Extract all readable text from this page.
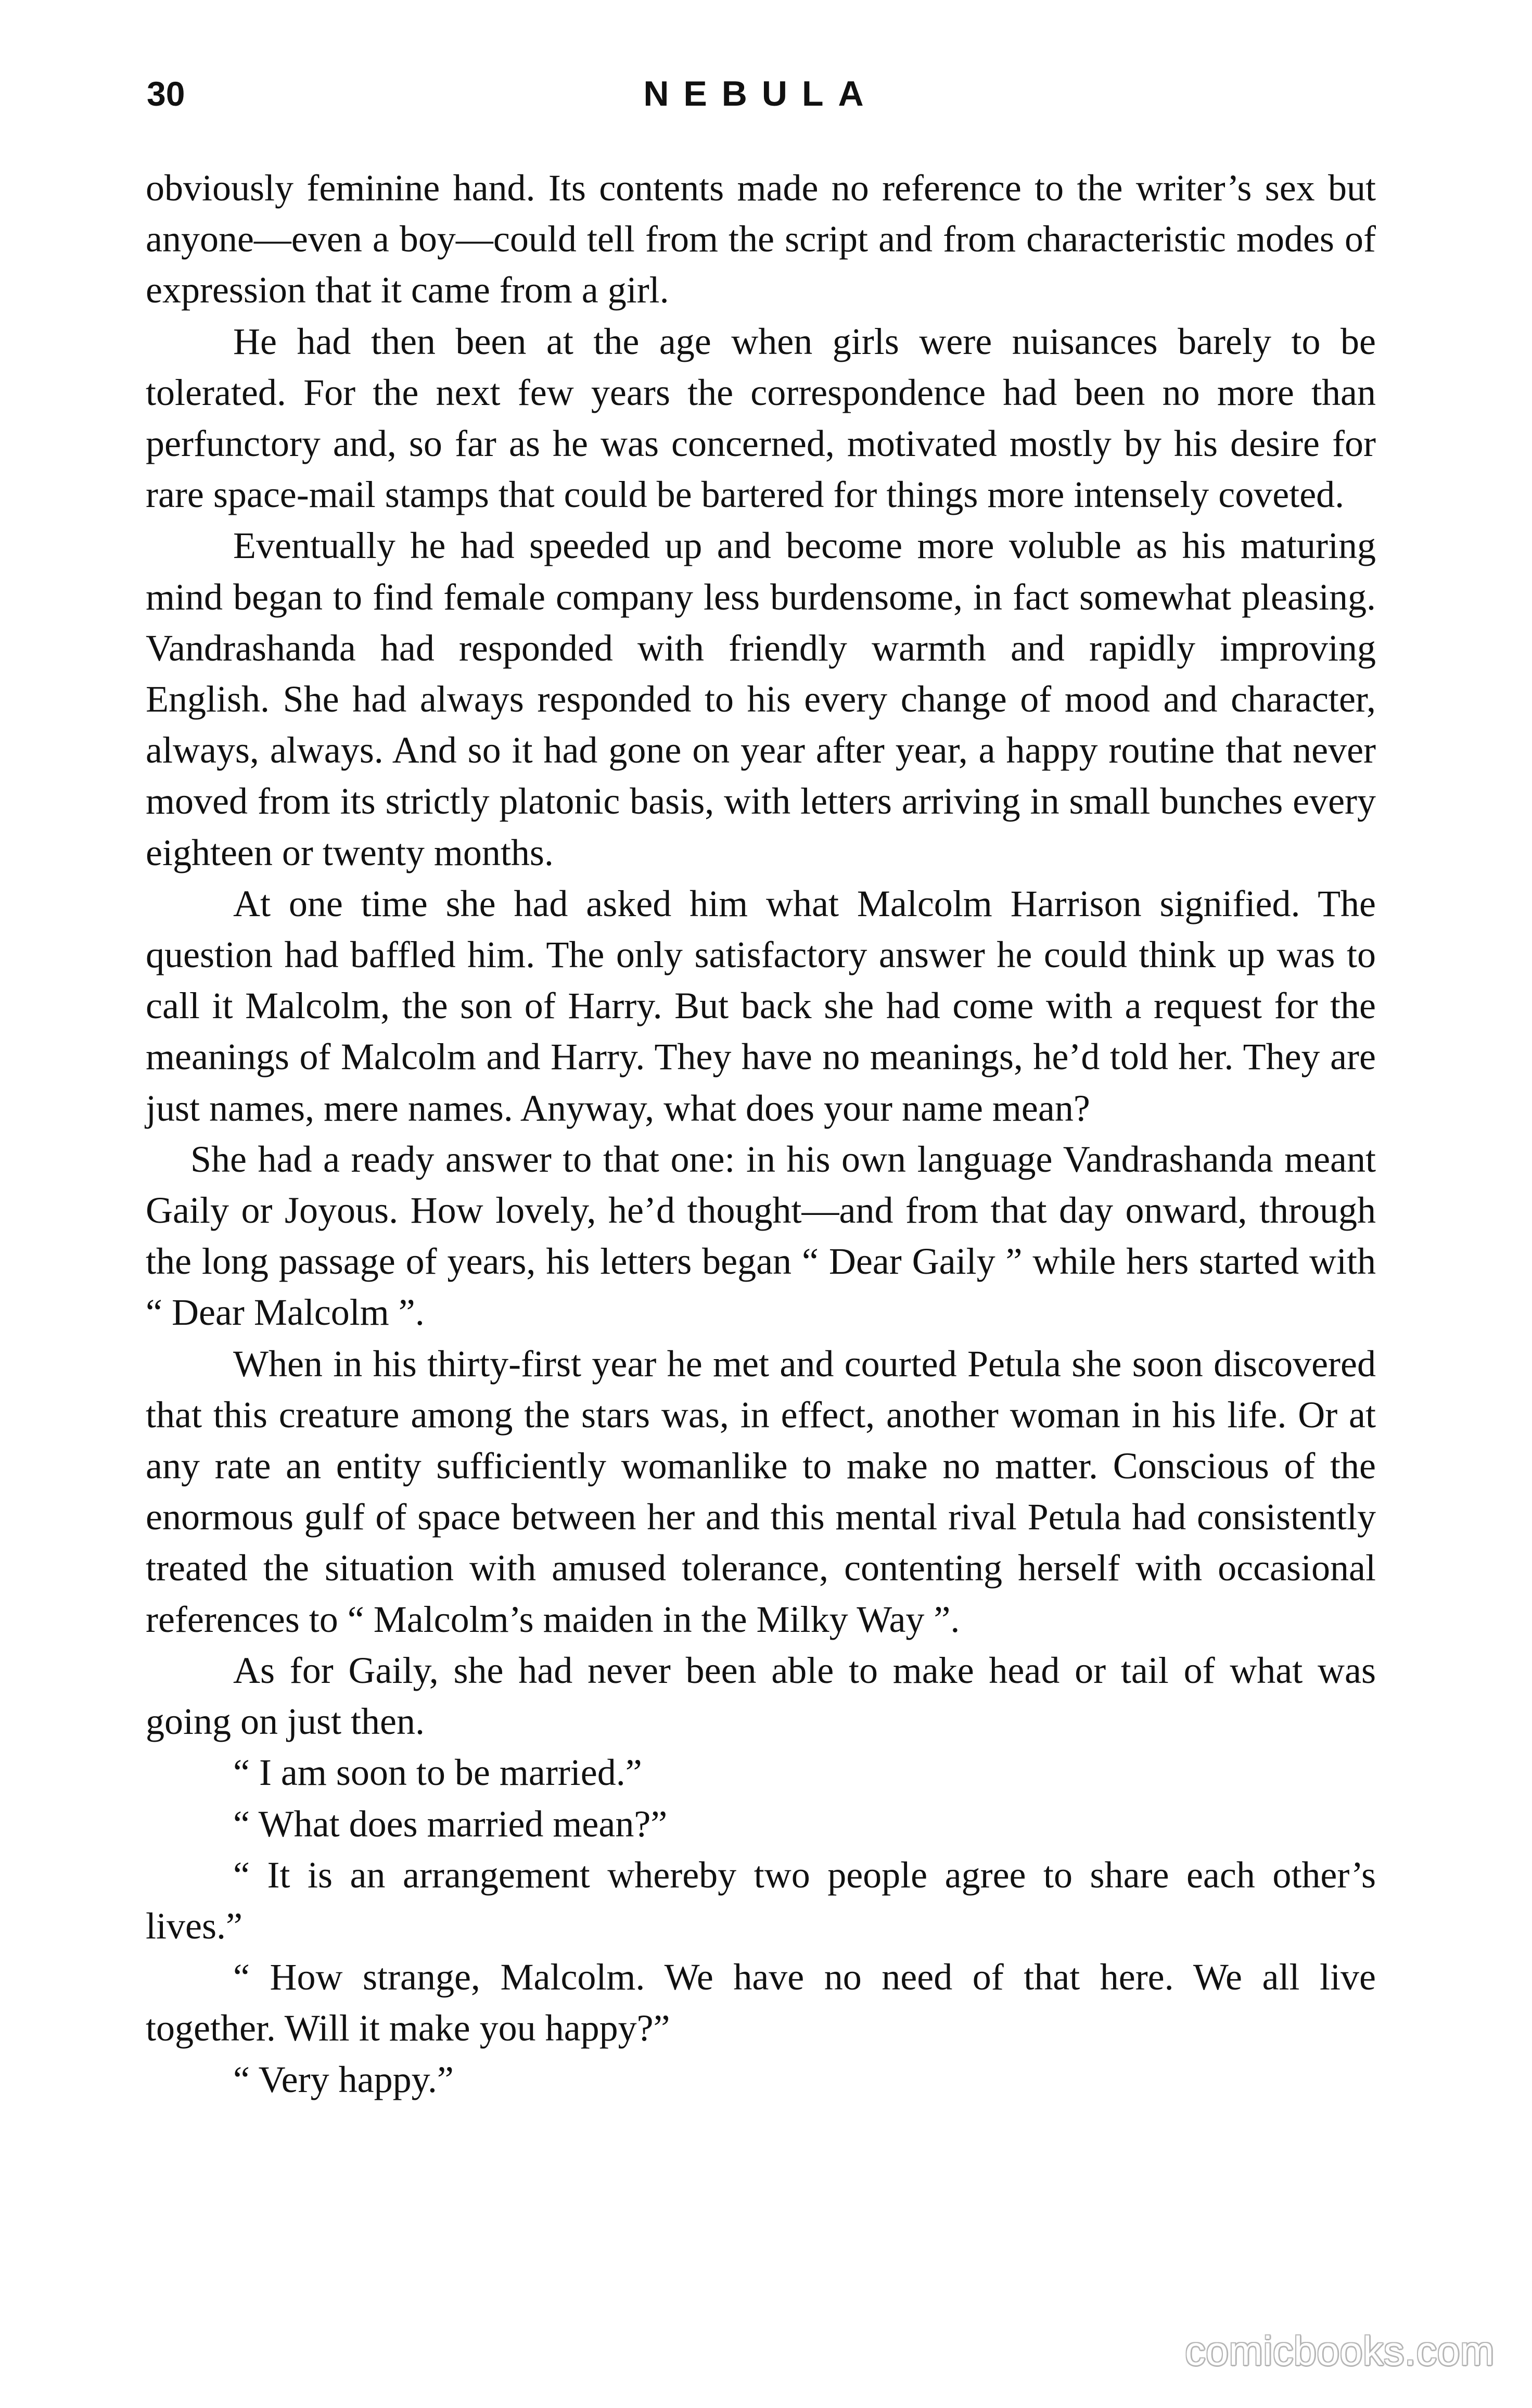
30	NEBULA

obviously feminine hand. Its contents made no reference to the writer’s sex but anyone—even a boy—could tell from the script and from characteristic modes of expression that it came from a girl.

He had then been at the age when girls were nuisances barely to be tolerated. For the next few years the correspondence had been no more than perfunctory and, so far as he was concerned, motivated mostly by his desire for rare space-mail stamps that could be bartered for things more intensely coveted.

Eventually he had speeded up and become more voluble as his maturing mind began to find female company less burdensome, in fact somewhat pleasing. Vandrashanda had responded with friendly warmth and rapidly improving English. She had always responded to his every change of mood and character, always, always. And so it had gone on year after year, a happy routine that never moved from its strictly platonic basis, with letters arriving in small bunches every eighteen or twenty months.

At one time she had asked him what Malcolm Harrison signified. The question had baffled him. The only satisfactory answer he could think up was to call it Malcolm, the son of Harry. But back she had come with a request for the meanings of Malcolm and Harry. They have no meanings, he’d told her. They are just names, mere names. Anyway, what does your name mean?

She had a ready answer to that one: in his own language Vandrashanda meant Gaily or Joyous. How lovely, he’d thought—and from that day onward, through the long passage of years, his letters began “ Dear Gaily ” while hers started with “ Dear Malcolm ”.

When in his thirty-first year he met and courted Petula she soon discovered that this creature among the stars was, in effect, another woman in his life. Or at any rate an entity sufficiently womanlike to make no matter. Conscious of the enormous gulf of space between her and this mental rival Petula had consistently treated the situation with amused tolerance, contenting herself with occasional references to “ Malcolm’s maiden in the Milky Way ”.

As for Gaily, she had never been able to make head or tail of what was going on just then.

“ I am soon to be married.”

“ What does married mean?”

“ It is an arrangement whereby two people agree to share each other’s lives.”

“ How strange, Malcolm. We have no need of that here. We all live together. Will it make you happy?”

“ Very happy.”

comicbooks.com
